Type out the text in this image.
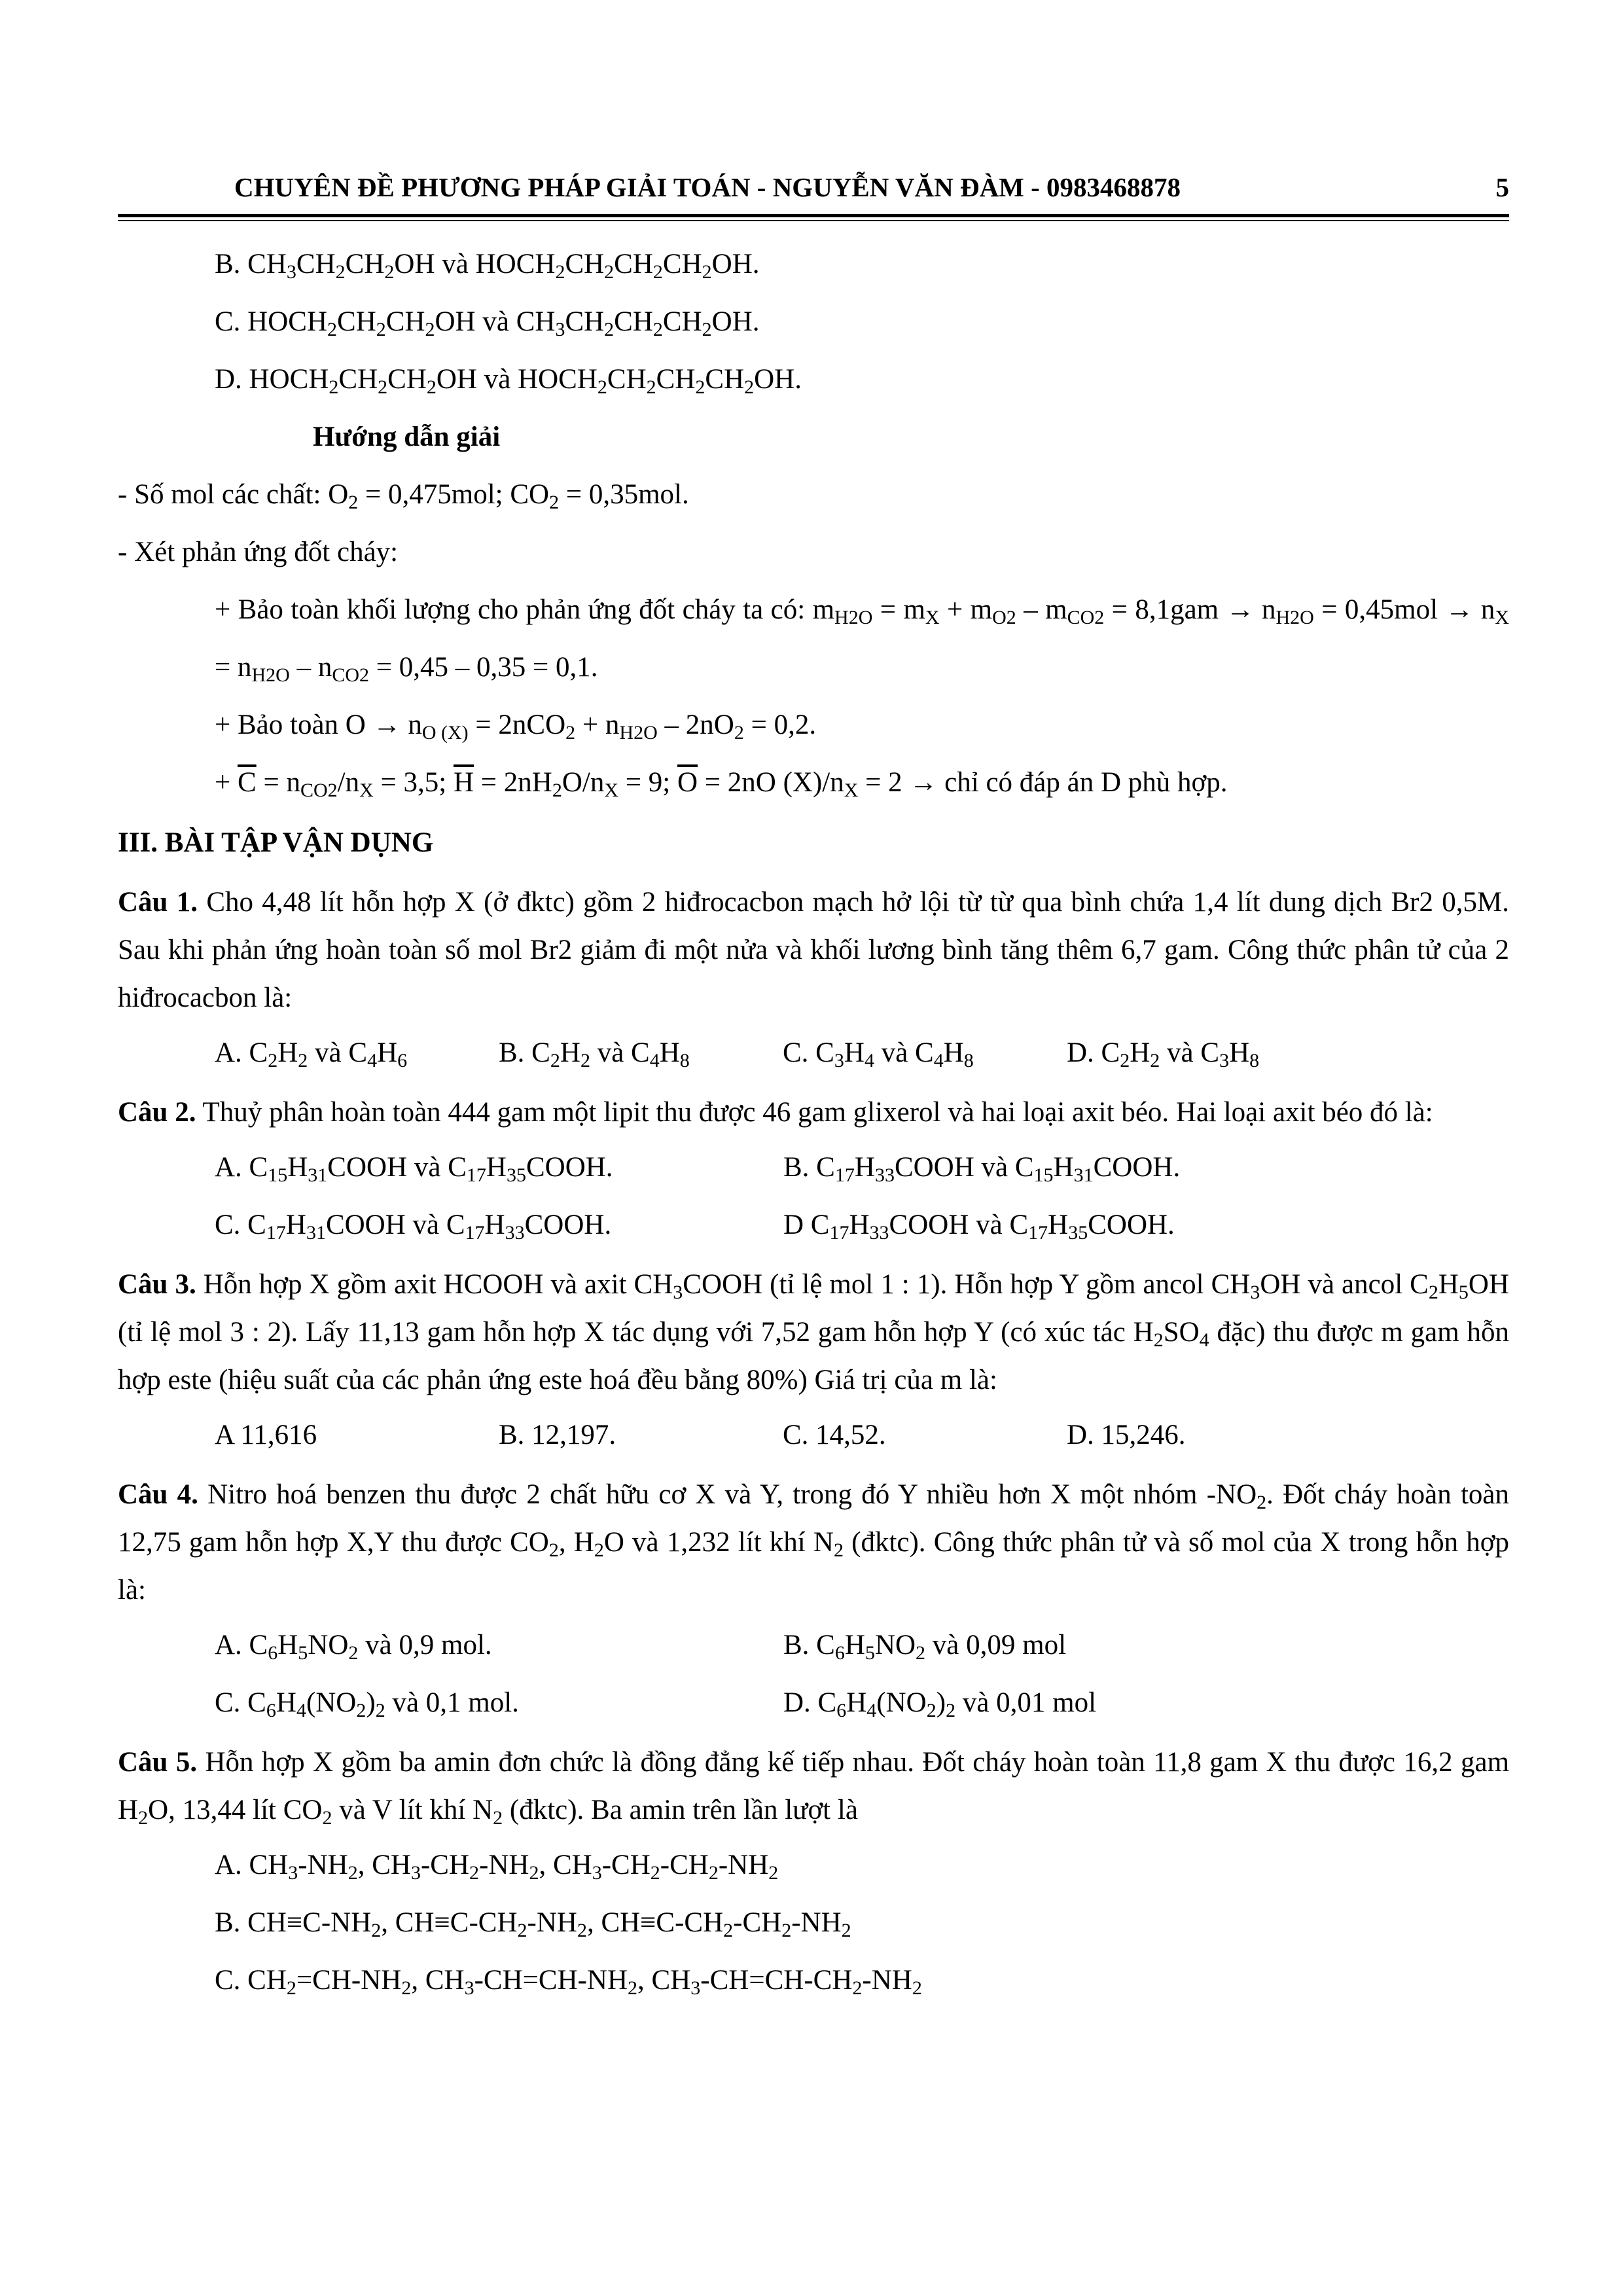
CHUYÊN ĐỀ PHƯƠNG PHÁP GIẢI TOÁN - NGUYỄN VĂN ĐÀM - 0983468878	5
B. $CH_3CH_2CH_2OH$ và $HOCH_2CH_2CH_2CH_2OH$.
C. $HOCH_2CH_2CH_2OH$ và $CH_3CH_2CH_2CH_2OH$.
D. $HOCH_2CH_2CH_2OH$ và $HOCH_2CH_2CH_2CH_2OH$.
Hướng dẫn giải
- Số mol các chất: $O_2 = 0,475mol$; $CO_2 = 0,35mol$.
- Xét phản ứng đốt cháy:
+ Bảo toàn khối lượng cho phản ứng đốt cháy ta có: $m_{H2O} = m_X + m_{O2} - m_{CO2} = 8,1gam \to n_{H2O} = 0,45mol \to n_X = n_{H2O} - n_{CO2} = 0,45 - 0,35 = 0,1$.
+ Bảo toàn $O \to n_{O (X)} = 2nCO_2 + n_{H2O} - 2nO_2 = 0,2$.
+ $\overline{C} = n_{CO2}/n_X = 3,5$; $\overline{H} = 2nH_2O/n_X = 9$; $\overline{O} = 2nO$ $(X)/n_X = 2$ → chỉ có đáp án D phù hợp.
III. BÀI TẬP VẬN DỤNG
Câu 1. Cho 4,48 lít hỗn hợp X (ở đktc) gồm 2 hiđrocacbon mạch hở lội từ từ qua bình chứa 1,4 lít dung dịch Br2 0,5M. Sau khi phản ứng hoàn toàn số mol Br2 giảm đi một nửa và khối lương bình tăng thêm 6,7 gam. Công thức phân tử của 2 hiđrocacbon là:
A. $C_2H_2$ và $C_4H_6$	B. $C_2H_2$ và $C_4H_8$	C. $C_3H_4$ và $C_4H_8$	D. $C_2H_2$ và $C_3H_8$
Câu 2. Thuỷ phân hoàn toàn 444 gam một lipit thu được 46 gam glixerol và hai loại axit béo. Hai loại axit béo đó là:
A. $C_{15}H_{31}COOH$ và $C_{17}H_{35}COOH$.	B. $C_{17}H_{33}COOH$ và $C_{15}H_{31}COOH$.
C. $C_{17}H_{31}COOH$ và $C_{17}H_{33}COOH$.	D $C_{17}H_{33}COOH$ và $C_{17}H_{35}COOH$.
Câu 3. Hỗn hợp X gồm axit HCOOH và axit $CH_3COOH$ (tỉ lệ mol 1 : 1). Hỗn hợp Y gồm ancol $CH_3OH$ và ancol $C_2H_5OH$ (tỉ lệ mol 3 : 2). Lấy 11,13 gam hỗn hợp X tác dụng với 7,52 gam hỗn hợp Y (có xúc tác $H_2SO_4$ đặc) thu được m gam hỗn hợp este (hiệu suất của các phản ứng este hoá đều bằng 80%) Giá trị của m là:
A 11,616	B. 12,197.	C. 14,52.	D. 15,246.
Câu 4. Nitro hoá benzen thu được 2 chất hữu cơ X và Y, trong đó Y nhiều hơn X một nhóm $-NO_2$. Đốt cháy hoàn toàn 12,75 gam hỗn hợp X,Y thu được $CO_2$, $H_2O$ và 1,232 lít khí $N_2$ (đktc). Công thức phân tử và số mol của X trong hỗn hợp là:
A. $C_6H_5NO_2$ và 0,9 mol.	B. $C_6H_5NO_2$ và 0,09 mol
C. $C_6H_4(NO_2)_2$ và 0,1 mol.	D. $C_6H_4(NO_2)_2$ và 0,01 mol
Câu 5. Hỗn hợp X gồm ba amin đơn chức là đồng đẳng kế tiếp nhau. Đốt cháy hoàn toàn 11,8 gam X thu được 16,2 gam $H_2O$, 13,44 lít $CO_2$ và V lít khí $N_2$ (đktc). Ba amin trên lần lượt là
A. $CH_3-NH_2$, $CH_3-CH_2-NH_2$, $CH_3-CH_2-CH_2-NH_2$
B. $CH\equiv C-NH_2$, $CH\equiv C-CH_2-NH_2$, $CH\equiv C-CH_2-CH_2-NH_2$
C. $CH_2=CH-NH_2$, $CH_3-CH=CH-NH_2$, $CH_3-CH=CH-CH_2-NH_2$
